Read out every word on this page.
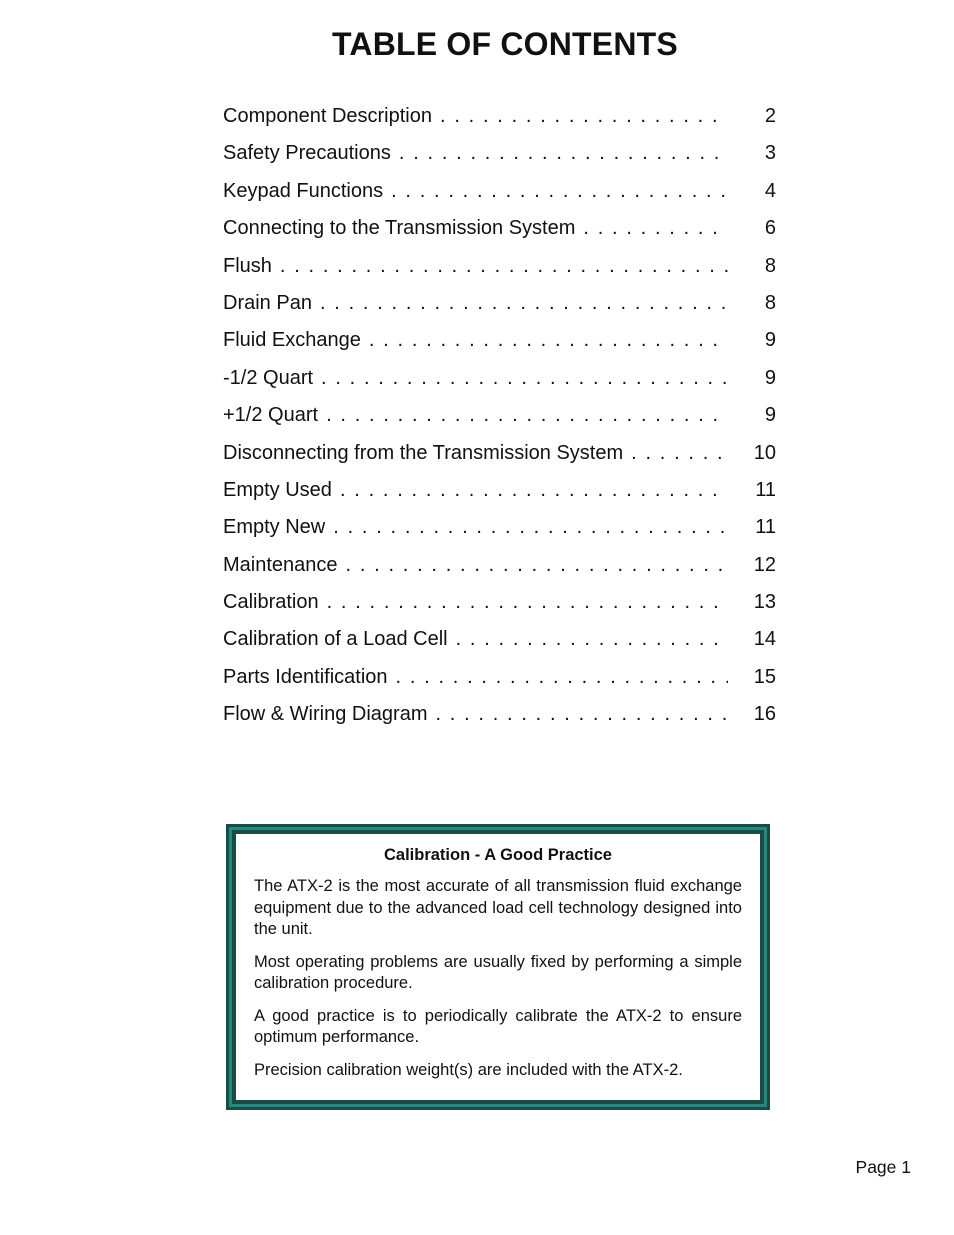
TABLE OF CONTENTS
Component Description . . .	2
Safety Precautions . . .	3
Keypad Functions . . .	4
Connecting to the Transmission System . . .	6
Flush . . .	8
Drain Pan . . .	8
Fluid Exchange . . .	9
-1/2 Quart . . .	9
+1/2 Quart . . .	9
Disconnecting from the Transmission System . . .	10
Empty Used . . .	11
Empty New . . .	11
Maintenance . . .	12
Calibration . . .	13
Calibration of a Load Cell . . .	14
Parts Identification . . .	15
Flow & Wiring Diagram . . .	16

Calibration - A Good Practice

The ATX-2 is the most accurate of all transmission fluid exchange equipment due to the advanced load cell technology designed into the unit.

Most operating problems are usually fixed by performing a simple calibration procedure.

A good practice is to periodically calibrate the ATX-2 to ensure optimum performance.

Precision calibration weight(s) are included with the ATX-2.

Page 1
